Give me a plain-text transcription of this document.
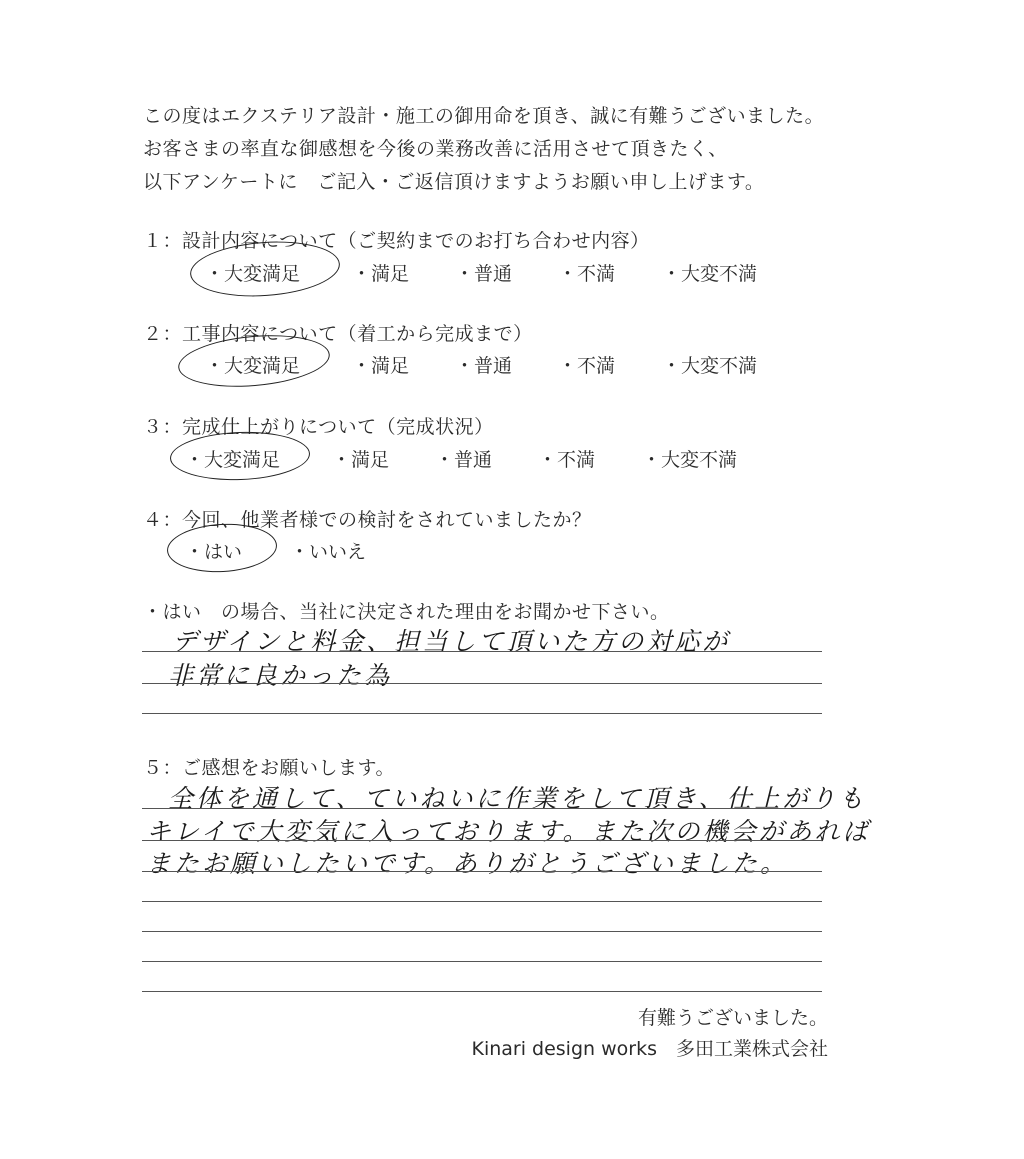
この度はエクステリア設計・施工の御用命を頂き、誠に有難うございました。
お客さまの率直な御感想を今後の業務改善に活用させて頂きたく、
以下アンケートに　ご記入・ご返信頂けますようお願い申し上げます。
１：設計内容について（ご契約までのお打ち合わせ内容）
・大変満足	・満足 ・普通 ・不満 ・大変不満
２：工事内容について（着工から完成まで）
・大変満足	・満足 ・普通 ・不満 ・大変不満
３：完成仕上がりについて（完成状況）
・大変満足	・満足 ・普通 ・不満 ・大変不満
４：今回、他業者様での検討をされていましたか？
・はい	・いいえ
・はい　の場合、当社に決定された理由をお聞かせ下さい。
デザインと料金、担当して頂いた方の対応が
非常に良かった為
５：ご感想をお願いします。
全体を通して、ていねいに作業をして頂き、仕上がりも
キレイで大変気に入っております。また次の機会があれば
またお願いしたいです。ありがとうございました。
有難うございました。
Kinari design works　多田工業株式会社
